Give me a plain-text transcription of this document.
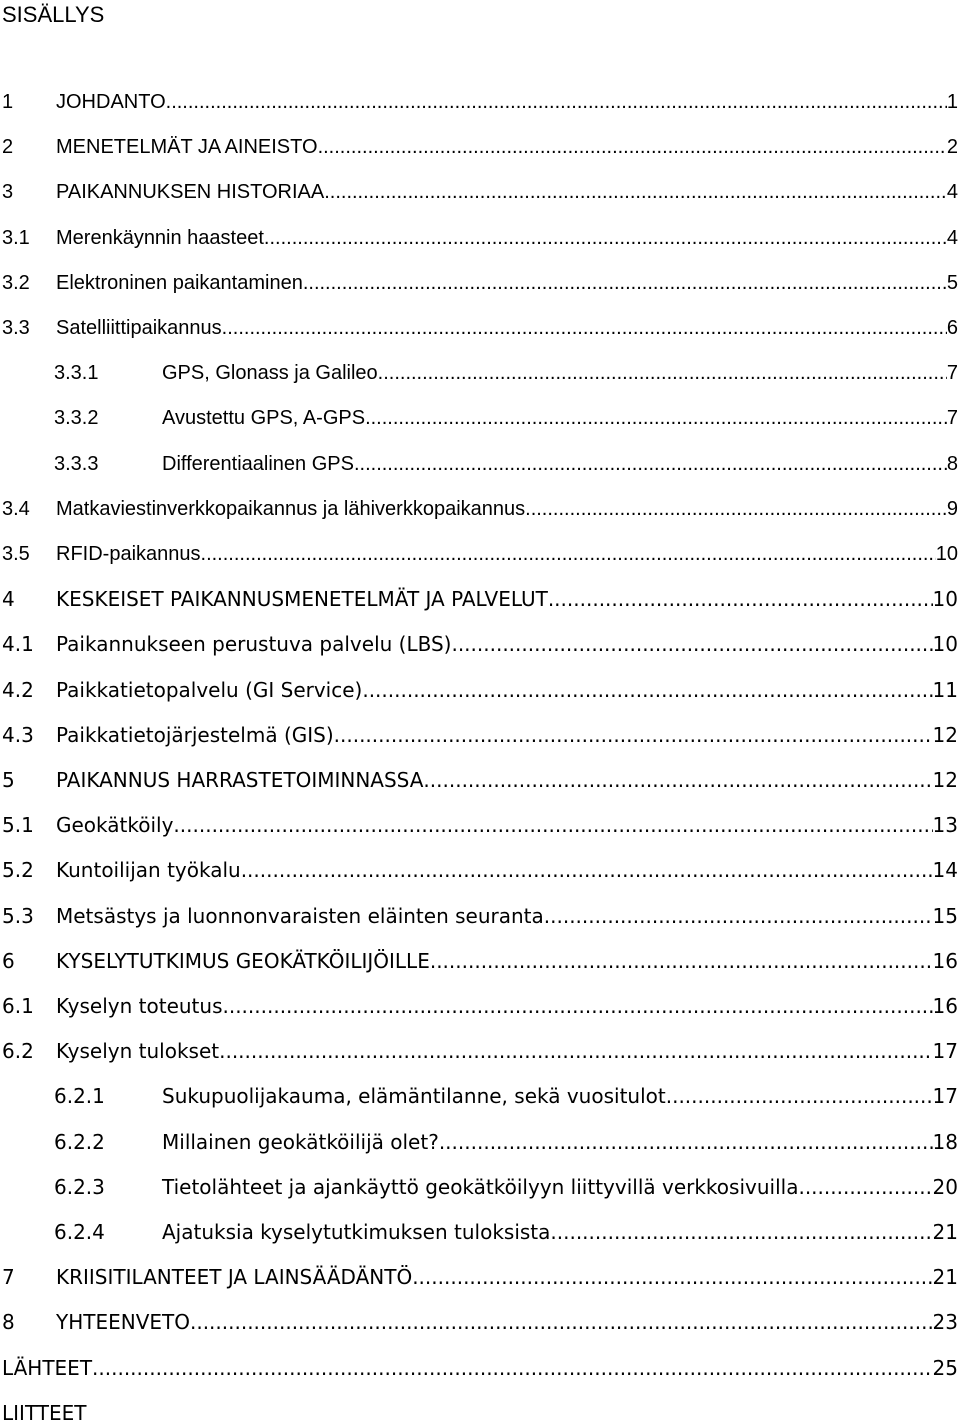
SISÄLLYS
1	JOHDANTO .....	1
2	MENETELMÄT JA AINEISTO .....	2
3	PAIKANNUKSEN HISTORIAA .....	4
3.1	Merenkäynnin haasteet .....	4
3.2	Elektroninen paikantaminen .....	5
3.3	Satelliittipaikannus .....	6
3.3.1	GPS, Glonass ja Galileo .....	7
3.3.2	Avustettu GPS, A-GPS .....	7
3.3.3	Differentiaalinen GPS .....	8
3.4	Matkaviestinverkkopaikannus ja lähiverkkopaikannus .....	9
3.5	RFID-paikannus .....	10
4	KESKEISET PAIKANNUSMENETELMÄT JA PALVELUT .....	10
4.1	Paikannukseen perustuva palvelu (LBS) .....	10
4.2	Paikkatietopalvelu (GI Service) .....	11
4.3	Paikkatietojärjestelmä (GIS) .....	12
5	PAIKANNUS HARRASTETOIMINNASSA .....	12
5.1	Geokätköily .....	13
5.2	Kuntoilijan työkalu .....	14
5.3	Metsästys ja luonnonvaraisten eläinten seuranta .....	15
6	KYSELYTUTKIMUS GEOKÄTKÖILIJÖILLE .....	16
6.1	Kyselyn toteutus .....	16
6.2	Kyselyn tulokset .....	17
6.2.1	Sukupuolijakauma, elämäntilanne, sekä vuositulot .....	17
6.2.2	Millainen geokätköilijä olet? .....	18
6.2.3	Tietolähteet ja ajankäyttö geokätköilyyn liittyvillä verkkosivuilla .....	20
6.2.4	Ajatuksia kyselytutkimuksen tuloksista .....	21
7	KRIISITILANTEET JA LAINSÄÄDÄNTÖ .....	21
8	YHTEENVETO .....	23
LÄHTEET .....	25
LIITTEET
